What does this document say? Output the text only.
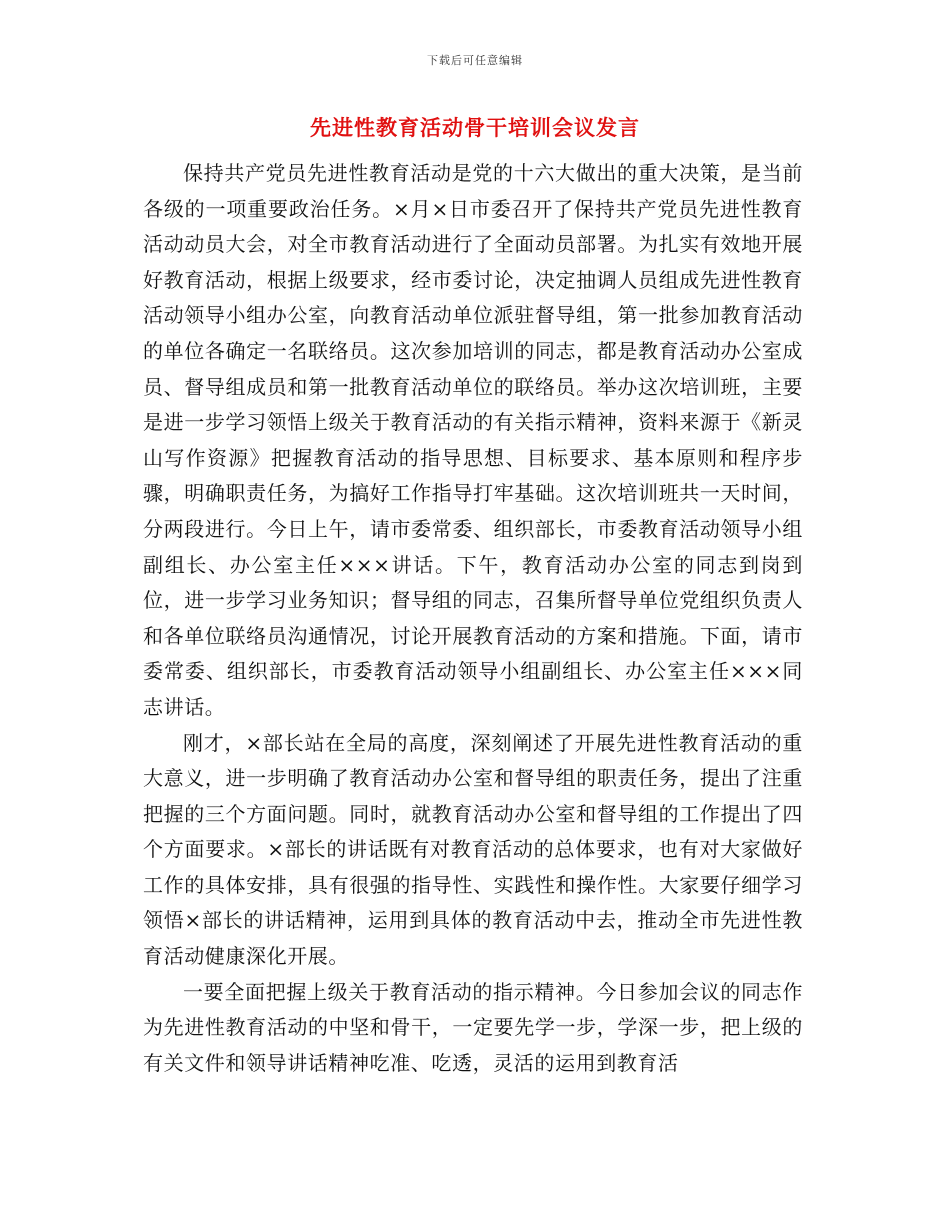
下载后可任意编辑
先进性教育活动骨干培训会议发言

保持共产党员先进性教育活动是党的十六大做出的重大决策，是当前各级的一项重要政治任务。×月×日市委召开了保持共产党员先进性教育活动动员大会，对全市教育活动进行了全面动员部署。为扎实有效地开展好教育活动，根据上级要求，经市委讨论，决定抽调人员组成先进性教育活动领导小组办公室，向教育活动单位派驻督导组，第一批参加教育活动的单位各确定一名联络员。这次参加培训的同志，都是教育活动办公室成员、督导组成员和第一批教育活动单位的联络员。举办这次培训班，主要是进一步学习领悟上级关于教育活动的有关指示精神，资料来源于《新灵山写作资源》把握教育活动的指导思想、目标要求、基本原则和程序步骤，明确职责任务，为搞好工作指导打牢基础。这次培训班共一天时间，分两段进行。今日上午，请市委常委、组织部长，市委教育活动领导小组副组长、办公室主任×××讲话。下午，教育活动办公室的同志到岗到位，进一步学习业务知识；督导组的同志，召集所督导单位党组织负责人和各单位联络员沟通情况，讨论开展教育活动的方案和措施。下面，请市委常委、组织部长，市委教育活动领导小组副组长、办公室主任×××同志讲话。

刚才，×部长站在全局的高度，深刻阐述了开展先进性教育活动的重大意义，进一步明确了教育活动办公室和督导组的职责任务，提出了注重把握的三个方面问题。同时，就教育活动办公室和督导组的工作提出了四个方面要求。×部长的讲话既有对教育活动的总体要求，也有对大家做好工作的具体安排，具有很强的指导性、实践性和操作性。大家要仔细学习领悟×部长的讲话精神，运用到具体的教育活动中去，推动全市先进性教育活动健康深化开展。

一要全面把握上级关于教育活动的指示精神。今日参加会议的同志作为先进性教育活动的中坚和骨干，一定要先学一步，学深一步，把上级的有关文件和领导讲话精神吃准、吃透，灵活的运用到教育活
